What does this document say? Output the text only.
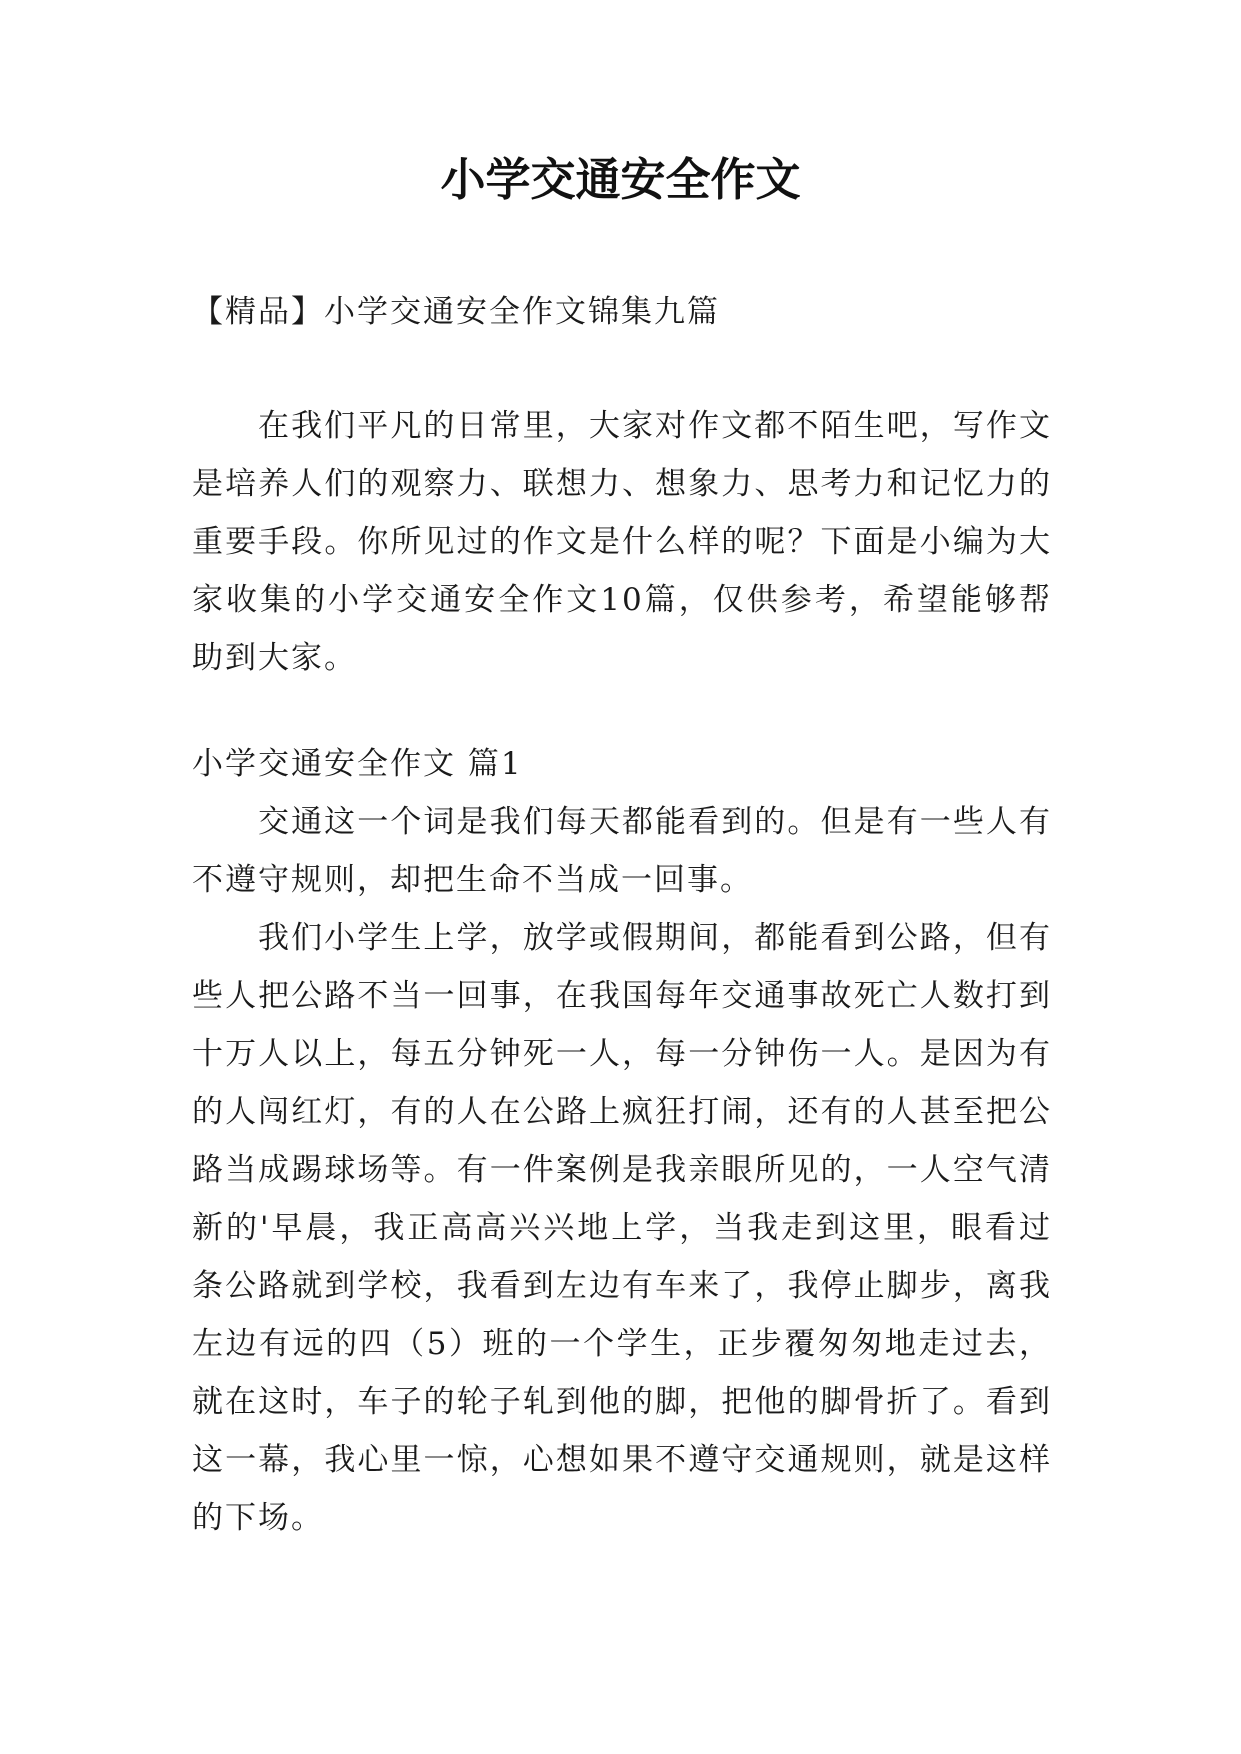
小学交通安全作文

【精品】小学交通安全作文锦集九篇

在我们平凡的日常里，大家对作文都不陌生吧，写作文是培养人们的观察力、联想力、想象力、思考力和记忆力的重要手段。你所见过的作文是什么样的呢？下面是小编为大家收集的小学交通安全作文10篇，仅供参考，希望能够帮助到大家。

小学交通安全作文 篇1

交通这一个词是我们每天都能看到的。但是有一些人有不遵守规则，却把生命不当成一回事。

我们小学生上学，放学或假期间，都能看到公路，但有些人把公路不当一回事，在我国每年交通事故死亡人数打到十万人以上，每五分钟死一人，每一分钟伤一人。是因为有的人闯红灯，有的人在公路上疯狂打闹，还有的人甚至把公路当成踢球场等。有一件案例是我亲眼所见的，一人空气清新的'早晨，我正高高兴兴地上学，当我走到这里，眼看过条公路就到学校，我看到左边有车来了，我停止脚步，离我左边有远的四（5）班的一个学生，正步覆匆匆地走过去，就在这时，车子的轮子轧到他的脚，把他的脚骨折了。看到这一幕，我心里一惊，心想如果不遵守交通规则，就是这样的下场。
